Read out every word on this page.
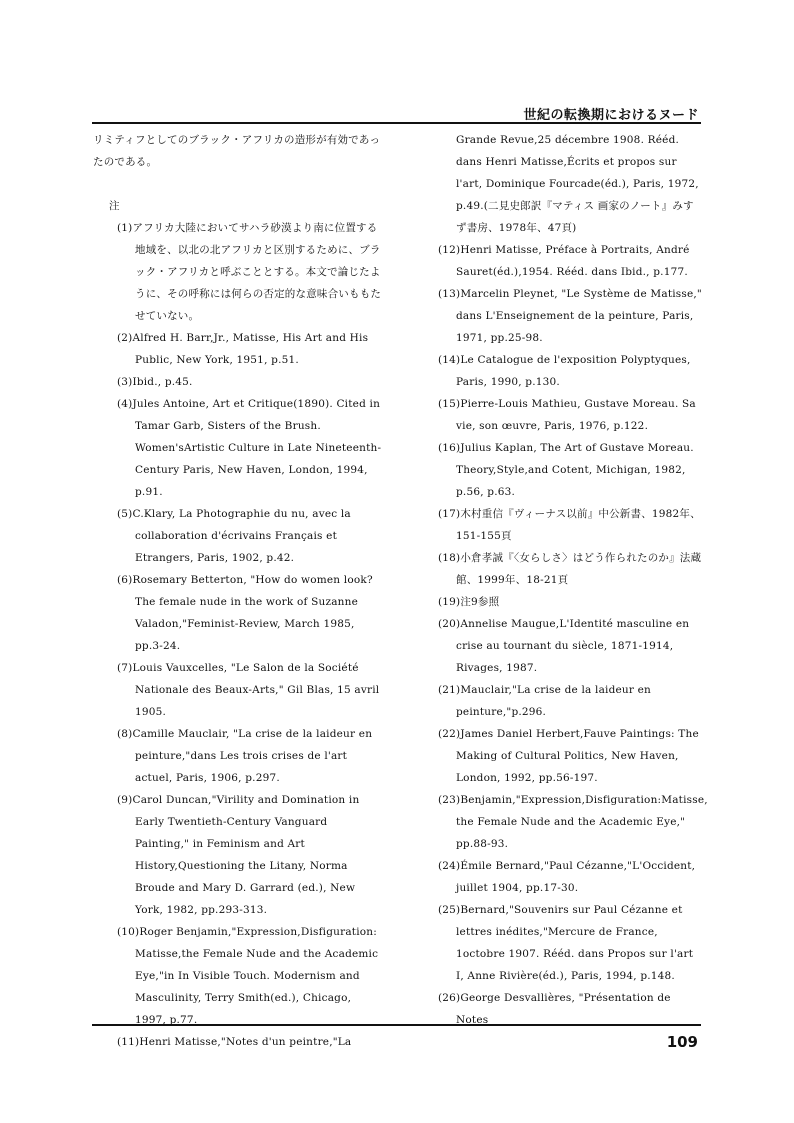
世紀の転換期におけるヌード

リミティフとしてのブラック・アフリカの造形が有効であったのである。

注

(1)アフリカ大陸においてサハラ砂漠より南に位置する地域を、以北の北アフリカと区別するために、ブラック・アフリカと呼ぶこととする。本文で論じたように、その呼称には何らの否定的な意味合いももたせていない。

(2)Alfred H. Barr,Jr., Matisse, His Art and His Public, New York, 1951, p.51.

(3)Ibid., p.45.

(4)Jules Antoine, Art et Critique(1890). Cited in Tamar Garb, Sisters of the Brush. Women'sArtistic Culture in Late Nineteenth-Century Paris, New Haven, London, 1994, p.91.

(5)C.Klary, La Photographie du nu, avec la collaboration d'écrivains Français et Etrangers, Paris, 1902, p.42.

(6)Rosemary Betterton, "How do women look? The female nude in the work of Suzanne Valadon,"Feminist-Review, March 1985, pp.3-24.

(7)Louis Vauxcelles, "Le Salon de la Société Nationale des Beaux-Arts," Gil Blas, 15 avril 1905.

(8)Camille Mauclair, "La crise de la laideur en peinture,"dans Les trois crises de l'art actuel, Paris, 1906, p.297.

(9)Carol Duncan,"Virility and Domination in Early Twentieth-Century Vanguard Painting," in Feminism and Art History,Questioning the Litany, Norma Broude and Mary D. Garrard (ed.), New York, 1982, pp.293-313.

(10)Roger Benjamin,"Expression,Disfiguration: Matisse,the Female Nude and the Academic Eye,"in In Visible Touch. Modernism and Masculinity, Terry Smith(ed.), Chicago, 1997, p.77.

(11)Henri Matisse,"Notes d'un peintre,"La

Grande Revue,25 décembre 1908. Rééd. dans Henri Matisse,Écrits et propos sur l'art, Dominique Fourcade(éd.), Paris, 1972, p.49.(二見史郎訳『マティス 画家のノート』みすず書房、1978年、47頁)

(12)Henri Matisse, Préface à Portraits, André Sauret(éd.),1954. Rééd. dans Ibid., p.177.

(13)Marcelin Pleynet, "Le Système de Matisse," dans L'Enseignement de la peinture, Paris, 1971, pp.25-98.

(14)Le Catalogue de l'exposition Polyptyques, Paris, 1990, p.130.

(15)Pierre-Louis Mathieu, Gustave Moreau. Sa vie, son œuvre, Paris, 1976, p.122.

(16)Julius Kaplan, The Art of Gustave Moreau. Theory,Style,and Cotent, Michigan, 1982, p.56, p.63.

(17)木村重信『ヴィーナス以前』中公新書、1982年、151-155頁

(18)小倉孝誠『〈女らしさ〉はどう作られたのか』法蔵館、1999年、18-21頁

(19)注9参照

(20)Annelise Maugue,L'Identité masculine en crise au tournant du siècle, 1871-1914, Rivages, 1987.

(21)Mauclair,"La crise de la laideur en peinture,"p.296.

(22)James Daniel Herbert,Fauve Paintings: The Making of Cultural Politics, New Haven, London, 1992, pp.56-197.

(23)Benjamin,"Expression,Disfiguration:Matisse, the Female Nude and the Academic Eye," pp.88-93.

(24)Émile Bernard,"Paul Cézanne,"L'Occident, juillet 1904, pp.17-30.

(25)Bernard,"Souvenirs sur Paul Cézanne et lettres inédites,"Mercure de France, 1octobre 1907. Rééd. dans Propos sur l'art I, Anne Rivière(éd.), Paris, 1994, p.148.

(26)George Desvallières, "Présentation de Notes

109
